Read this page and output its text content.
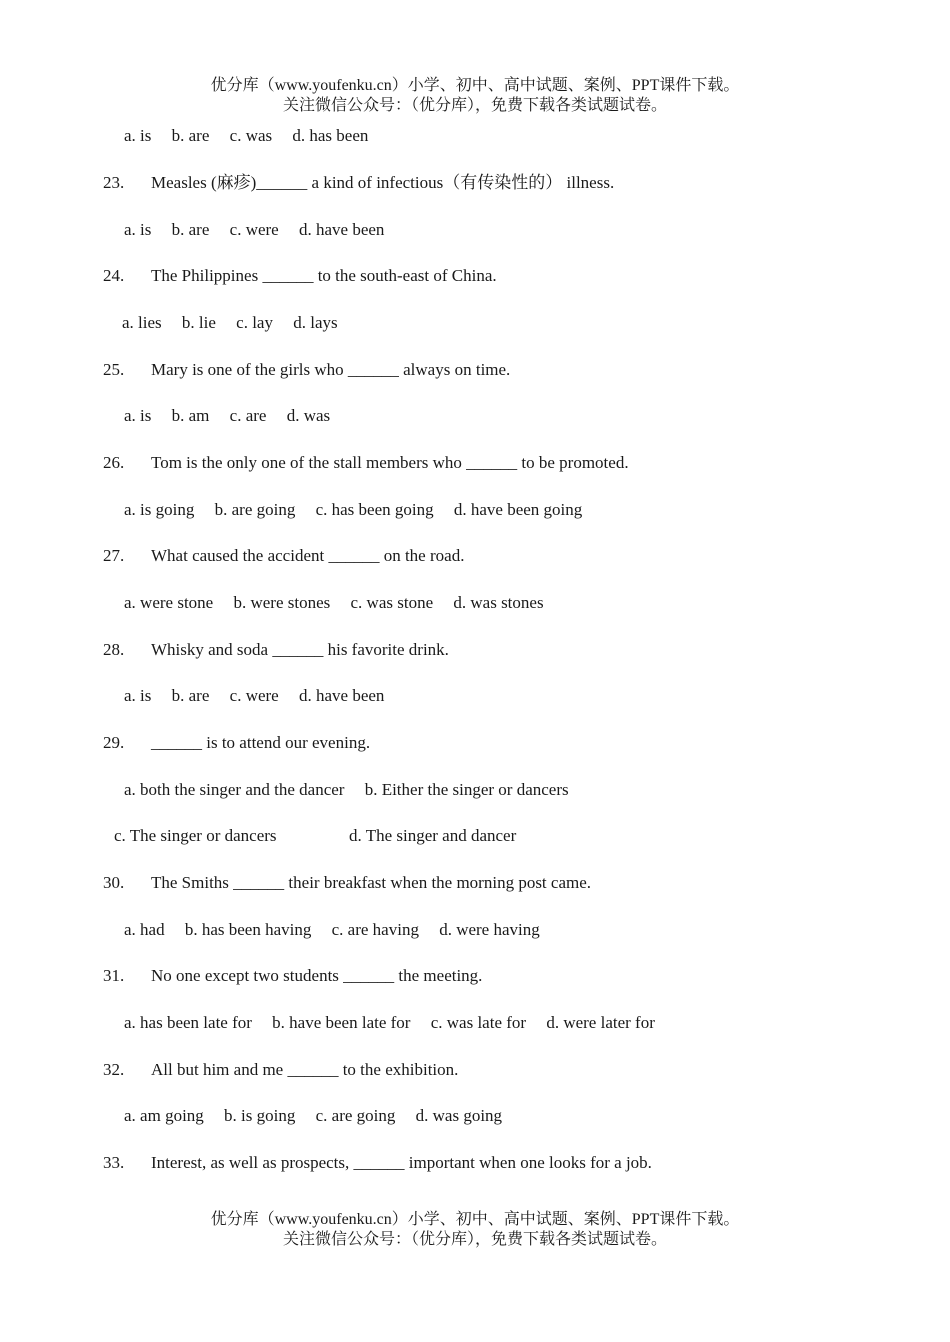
优分库（www.youfenku.cn）小学、初中、高中试题、案例、PPT课件下载。
关注微信公众号：（优分库），免费下载各类试题试卷。
a. is b. are c. was d. has been
23. Measles (麻疹)______ a kind of infectious（有传染性的） illness.
a. is b. are c. were d. have been
24. The Philippines ______ to the south-east of China.
a. lies b. lie c. lay d. lays
25. Mary is one of the girls who ______ always on time.
a. is b. am c. are d. was
26. Tom is the only one of the stall members who ______ to be promoted.
a. is going b. are going c. has been going d. have been going
27. What caused the accident ______ on the road.
a. were stone b. were stones c. was stone d. was stones
28. Whisky and soda ______ his favorite drink.
a. is b. are c. were d. have been
29. ______ is to attend our evening.
a. both the singer and the dancer b. Either the singer or dancers
c. The singer or dancers	d. The singer and dancer
30. The Smiths ______ their breakfast when the morning post came.
a. had b. has been having c. are having d. were having
31. No one except two students ______ the meeting.
a. has been late for b. have been late for c. was late for d. were later for
32. All but him and me ______ to the exhibition.
a. am going b. is going c. are going d. was going
33. Interest, as well as prospects, ______ important when one looks for a job.
优分库（www.youfenku.cn）小学、初中、高中试题、案例、PPT课件下载。
关注微信公众号：（优分库），免费下载各类试题试卷。
